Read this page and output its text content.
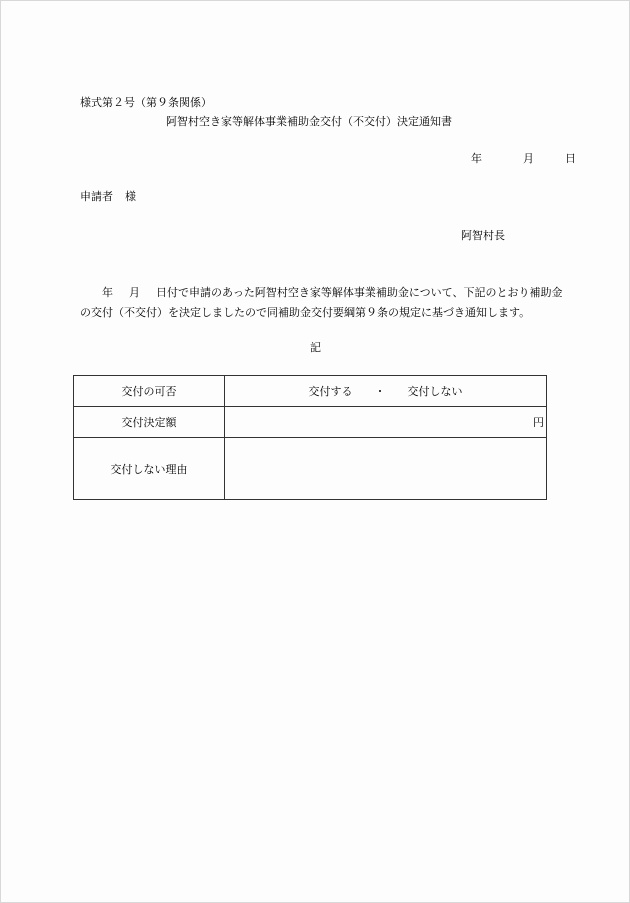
様式第２号（第９条関係）
阿智村空き家等解体事業補助金交付（不交付）決定通知書
年	月	日
申請者 様
阿智村長
年 月 日付で申請のあった阿智村空き家等解体事業補助金について、下記のとおり補助金
の交付（不交付）を決定しましたので同補助金交付要綱第９条の規定に基づき通知します。
記
交付の可否	交付する ・ 交付しない
交付決定額	円
交付しない理由	
